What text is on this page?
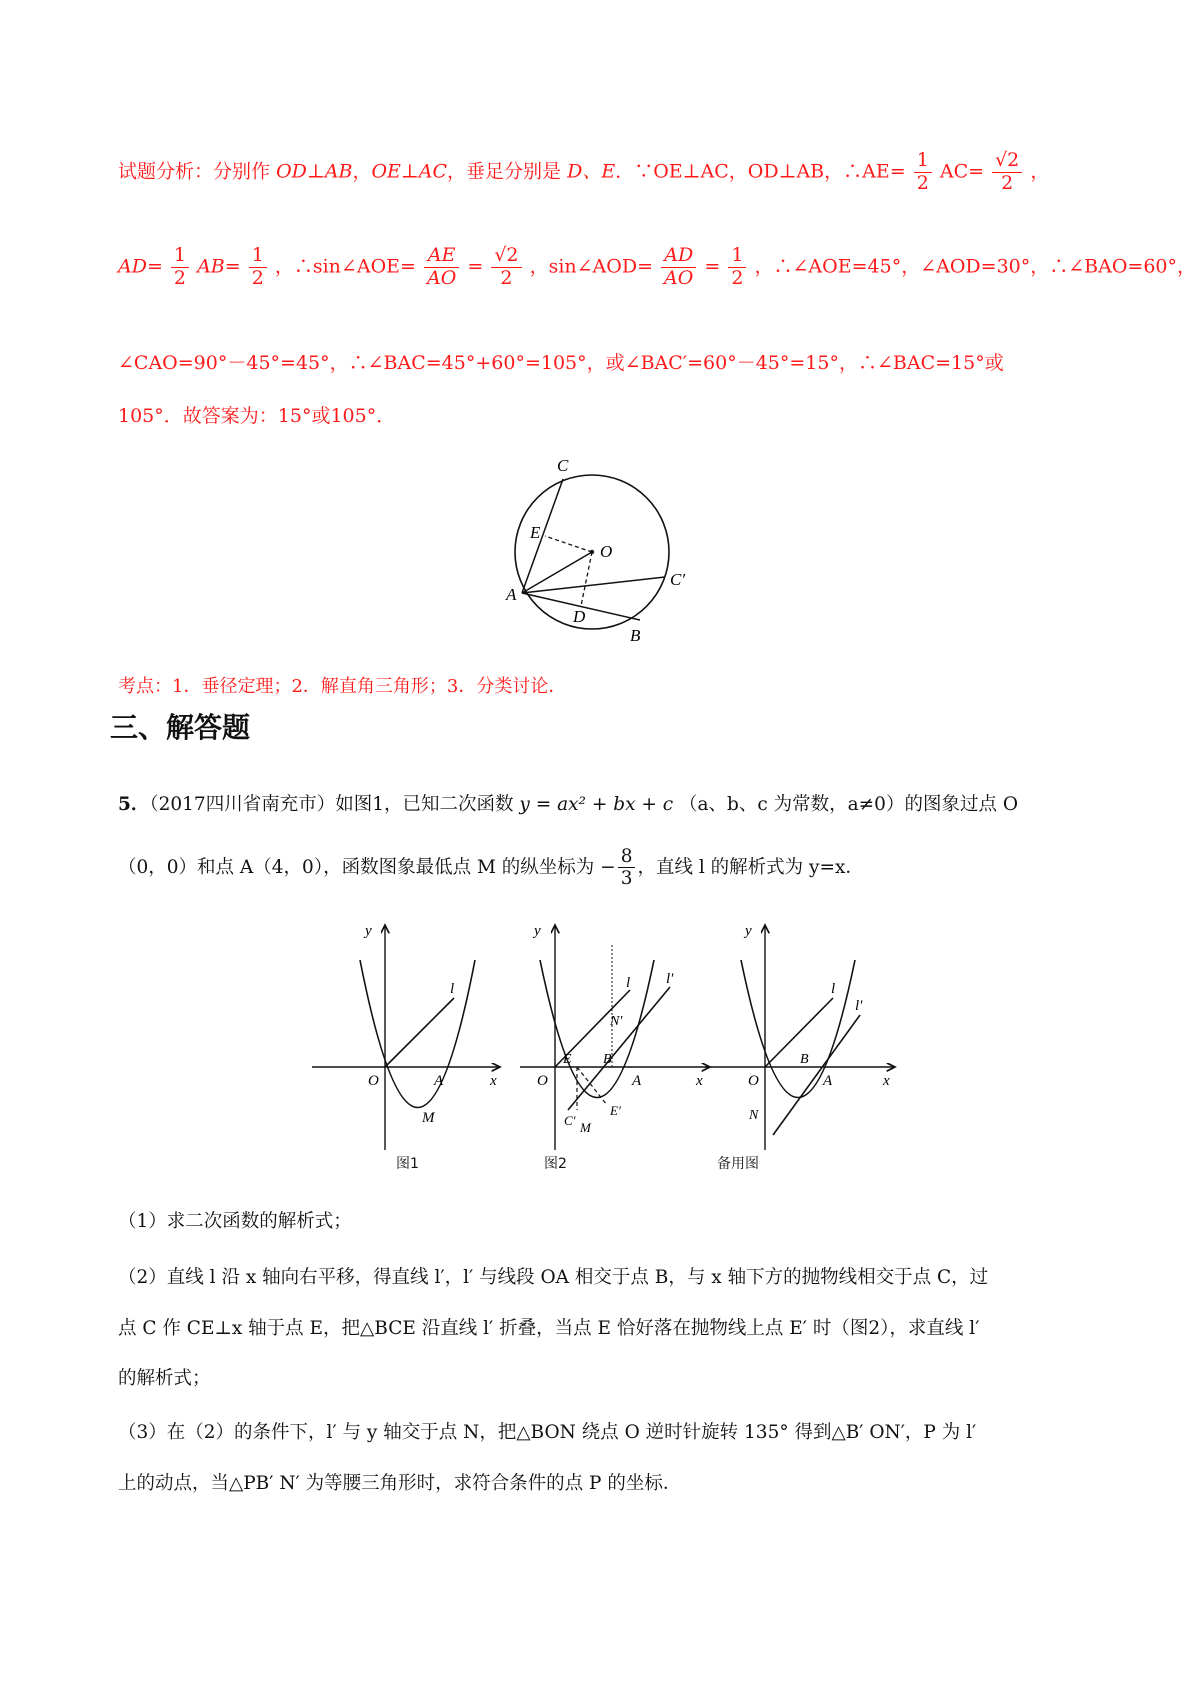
试题分析：分别作 OD⊥AB，OE⊥AC，垂足分别是 D、E．∵OE⊥AC，OD⊥AB，∴AE= $\frac{1}{2} AC= \frac{√2}{2}$ ，
$AD= \frac{1}{2} AB= \frac{1}{2}$ ，∴sin∠AOE= $\frac{AE}{AO} = \frac{√2}{2}$ ，sin∠AOD= $\frac{AD}{AO} = \frac{1}{2}$ ，∴∠AOE=45°，∠AOD=30°，∴∠BAO=60°，
∠CAO=90°－45°=45°，∴∠BAC=45°+60°=105°，或∠BAC′=60°－45°=15°，∴∠BAC=15°或
105°．故答案为：15°或105°．
C
E
O
A
C′
D
B
考点：1．垂径定理；2．解直角三角形；3．分类讨论．
三、解答题
5．（2017四川省南充市）如图1，已知二次函数 y = ax² + bx + c （a、b、c 为常数，a≠0）的图象过点 O
（0，0）和点 A（4，0），函数图象最低点 M 的纵坐标为 − $\frac{8}{3}$ ，直线 l 的解析式为 y=x．
y
x
O	A
M
l
图1
y
x
O	A
E B
N′
l l′
C′ M
E′
图2
y
x
O	A
B
N
l
l′
备用图
（1）求二次函数的解析式；
（2）直线 l 沿 x 轴向右平移，得直线 l′，l′ 与线段 OA 相交于点 B，与 x 轴下方的抛物线相交于点 C，过
点 C 作 CE⊥x 轴于点 E，把△BCE 沿直线 l′ 折叠，当点 E 恰好落在抛物线上点 E′ 时（图2），求直线 l′
的解析式；
（3）在（2）的条件下，l′ 与 y 轴交于点 N，把△BON 绕点 O 逆时针旋转 135° 得到△B′ ON′，P 为 l′
上的动点，当△PB′ N′ 为等腰三角形时，求符合条件的点 P 的坐标．
